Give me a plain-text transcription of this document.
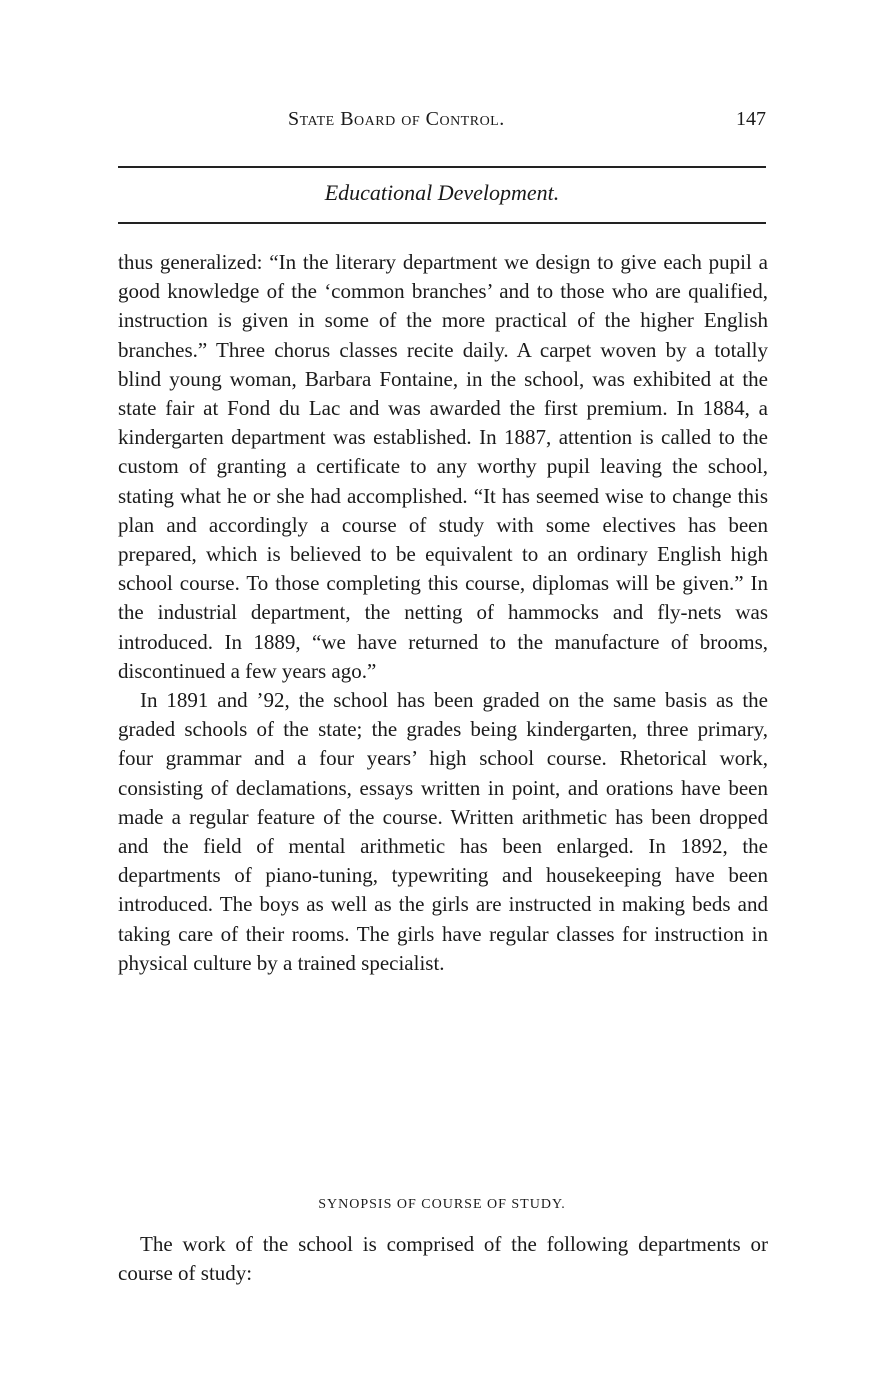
State Board of Control.	147
Educational Development.

thus generalized: “In the literary department we design to give each pupil a good knowledge of the ‘common branches’ and to those who are qualified, instruction is given in some of the more practical of the higher English branches.” Three chorus classes recite daily. A carpet woven by a totally blind young woman, Barbara Fontaine, in the school, was exhibited at the state fair at Fond du Lac and was awarded the first premium. In 1884, a kindergarten department was established. In 1887, attention is called to the custom of granting a certificate to any worthy pupil leaving the school, stating what he or she had accomplished. “It has seemed wise to change this plan and accordingly a course of study with some electives has been prepared, which is believed to be equivalent to an ordinary English high school course. To those completing this course, diplomas will be given.” In the industrial department, the netting of hammocks and fly-nets was introduced. In 1889, “we have returned to the manufacture of brooms, discontinued a few years ago.”

In 1891 and ’92, the school has been graded on the same basis as the graded schools of the state; the grades being kindergarten, three primary, four grammar and a four years’ high school course. Rhetorical work, consisting of declamations, essays written in point, and orations have been made a regular feature of the course. Written arithmetic has been dropped and the field of mental arithmetic has been enlarged. In 1892, the departments of piano-tuning, typewriting and housekeeping have been introduced. The boys as well as the girls are instructed in making beds and taking care of their rooms. The girls have regular classes for instruction in physical culture by a trained specialist.

SYNOPSIS OF COURSE OF STUDY.

The work of the school is comprised of the following departments or course of study:
